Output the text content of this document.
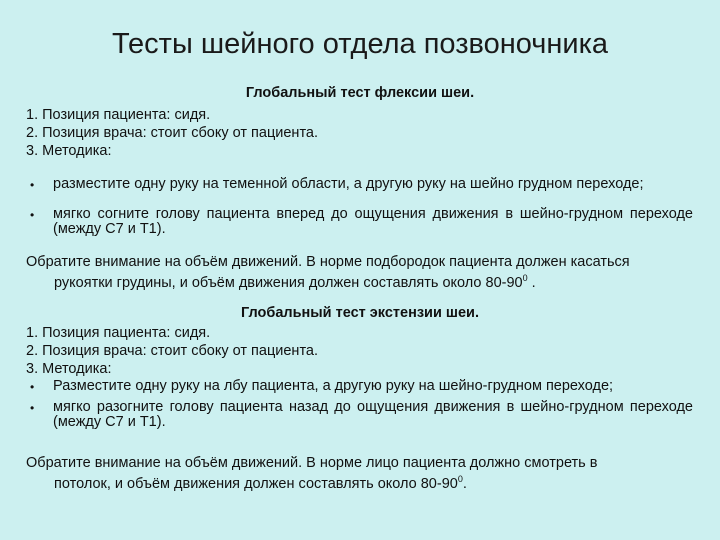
Тесты шейного отдела позвоночника
Глобальный тест флексии шеи.
1. Позиция пациента: сидя.
2. Позиция врача: стоит сбоку от пациента.
3. Методика:
• разместите одну руку на теменной области, а другую руку на шейно грудном переходе;
• мягко согните голову пациента вперед до ощущения движения в шейно-грудном переходе (между С7 и Т1).
Обратите внимание на объём движений. В норме подбородок пациента должен касаться
рукоятки грудины, и объём движения должен составлять около $80-90^0$ .
Глобальный тест экстензии шеи.
1. Позиция пациента: сидя.
2. Позиция врача: стоит сбоку от пациента.
3. Методика:
• Разместите одну руку на лбу пациента, а другую руку на шейно-грудном переходе;
• мягко разогните голову пациента назад до ощущения движения в шейно-грудном переходе (между С7 и Т1).
Обратите внимание на объём движений. В норме лицо пациента должно смотреть в
потолок, и объём движения должен составлять около $80-90^0$.
